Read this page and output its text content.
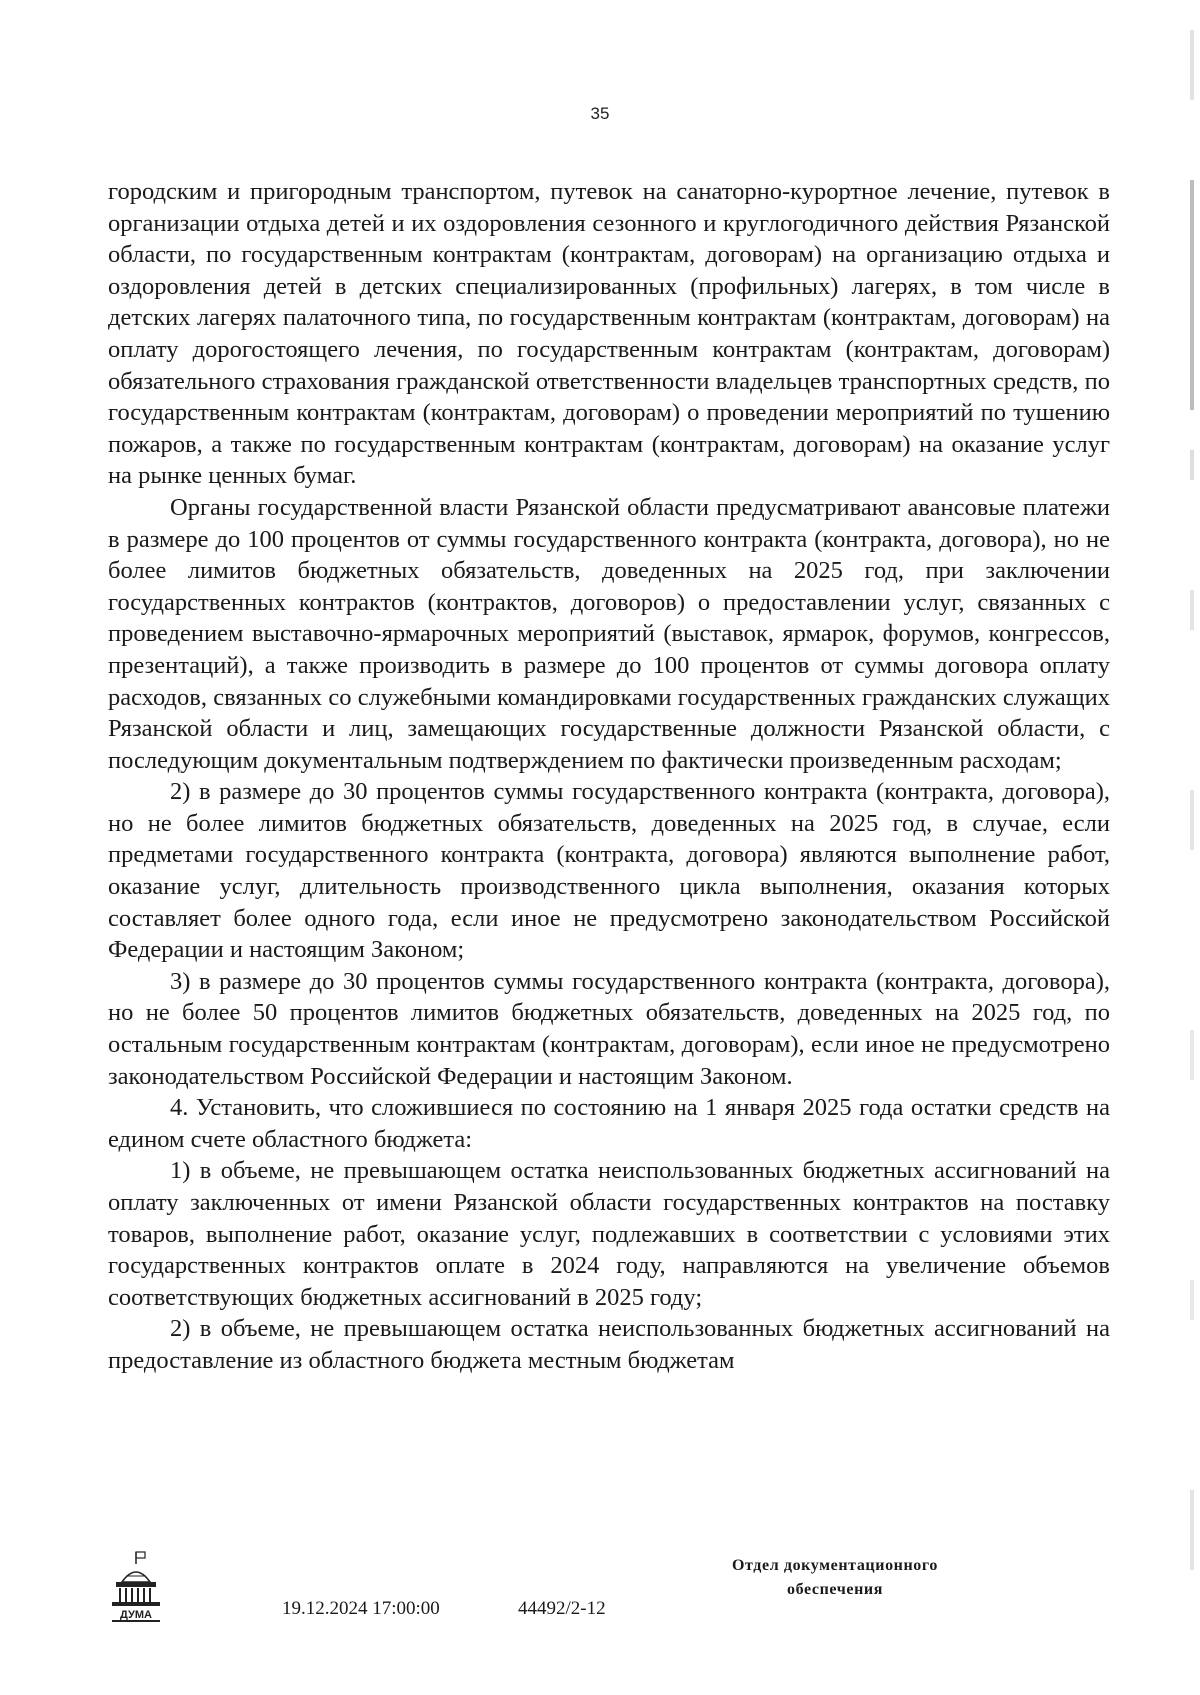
35

городским и пригородным транспортом, путевок на санаторно-курортное лечение, путевок в организации отдыха детей и их оздоровления сезонного и круглогодичного действия Рязанской области, по государственным контрактам (контрактам, договорам) на организацию отдыха и оздоровления детей в детских специализированных (профильных) лагерях, в том числе в детских лагерях палаточного типа, по государственным контрактам (контрактам, договорам) на оплату дорогостоящего лечения, по государственным контрактам (контрактам, договорам) обязательного страхования гражданской ответственности владельцев транспортных средств, по государственным контрактам (контрактам, договорам) о проведении мероприятий по тушению пожаров, а также по государственным контрактам (контрактам, договорам) на оказание услуг на рынке ценных бумаг.

Органы государственной власти Рязанской области предусматривают авансовые платежи в размере до 100 процентов от суммы государственного контракта (контракта, договора), но не более лимитов бюджетных обязательств, доведенных на 2025 год, при заключении государственных контрактов (контрактов, договоров) о предоставлении услуг, связанных с проведением выставочно-ярмарочных мероприятий (выставок, ярмарок, форумов, конгрессов, презентаций), а также производить в размере до 100 процентов от суммы договора оплату расходов, связанных со служебными командировками государственных гражданских служащих Рязанской области и лиц, замещающих государственные должности Рязанской области, с последующим документальным подтверждением по фактически произведенным расходам;

2) в размере до 30 процентов суммы государственного контракта (контракта, договора), но не более лимитов бюджетных обязательств, доведенных на 2025 год, в случае, если предметами государственного контракта (контракта, договора) являются выполнение работ, оказание услуг, длительность производственного цикла выполнения, оказания которых составляет более одного года, если иное не предусмотрено законодательством Российской Федерации и настоящим Законом;

3) в размере до 30 процентов суммы государственного контракта (контракта, договора), но не более 50 процентов лимитов бюджетных обязательств, доведенных на 2025 год, по остальным государственным контрактам (контрактам, договорам), если иное не предусмотрено законодательством Российской Федерации и настоящим Законом.

4. Установить, что сложившиеся по состоянию на 1 января 2025 года остатки средств на едином счете областного бюджета:

1) в объеме, не превышающем остатка неиспользованных бюджетных ассигнований на оплату заключенных от имени Рязанской области государственных контрактов на поставку товаров, выполнение работ, оказание услуг, подлежавших в соответствии с условиями этих государственных контрактов оплате в 2024 году, направляются на увеличение объемов соответствующих бюджетных ассигнований в 2025 году;

2) в объеме, не превышающем остатка неиспользованных бюджетных ассигнований на предоставление из областного бюджета местным бюджетам

ДУМА	19.12.2024 17:00:00	44492/2-12
Отдел документационного
обеспечения
